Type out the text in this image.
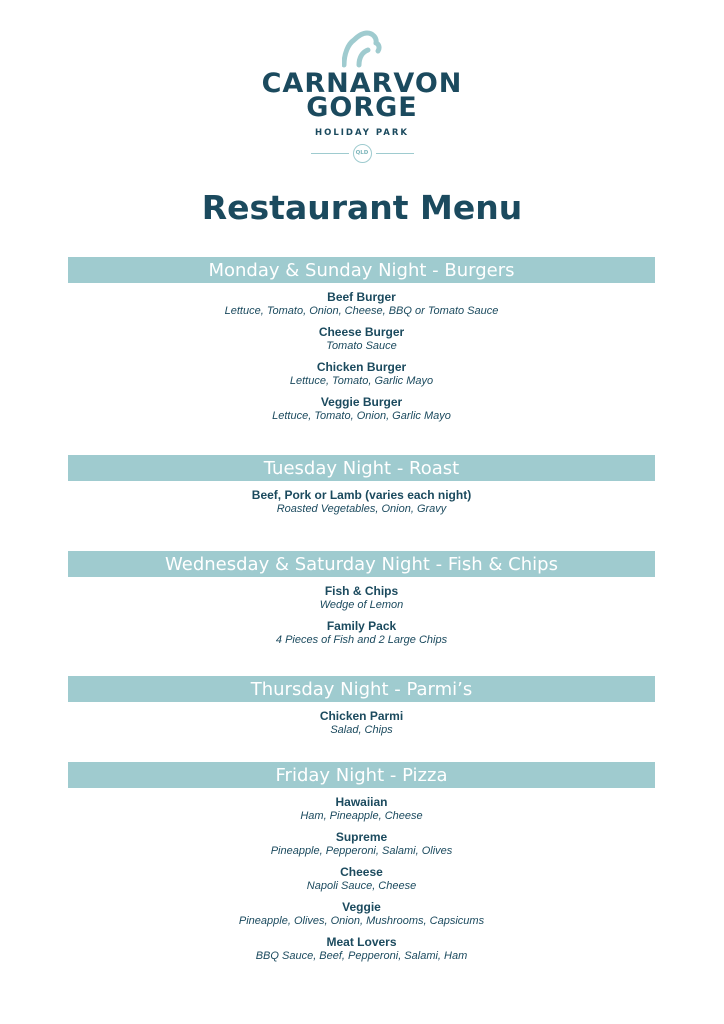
CARNARVON
GORGE
HOLIDAY PARK
QLD
Restaurant Menu
Monday & Sunday Night - Burgers
Beef Burger
Lettuce, Tomato, Onion, Cheese, BBQ or Tomato Sauce
Cheese Burger
Tomato Sauce
Chicken Burger
Lettuce, Tomato, Garlic Mayo
Veggie Burger
Lettuce, Tomato, Onion, Garlic Mayo
Tuesday Night - Roast
Beef, Pork or Lamb (varies each night)
Roasted Vegetables, Onion, Gravy
Wednesday & Saturday Night - Fish & Chips
Fish & Chips
Wedge of Lemon
Family Pack
4 Pieces of Fish and 2 Large Chips
Thursday Night - Parmi’s
Chicken Parmi
Salad, Chips
Friday Night - Pizza
Hawaiian
Ham, Pineapple, Cheese
Supreme
Pineapple, Pepperoni, Salami, Olives
Cheese
Napoli Sauce, Cheese
Veggie
Pineapple, Olives, Onion, Mushrooms, Capsicums
Meat Lovers
BBQ Sauce, Beef, Pepperoni, Salami, Ham
